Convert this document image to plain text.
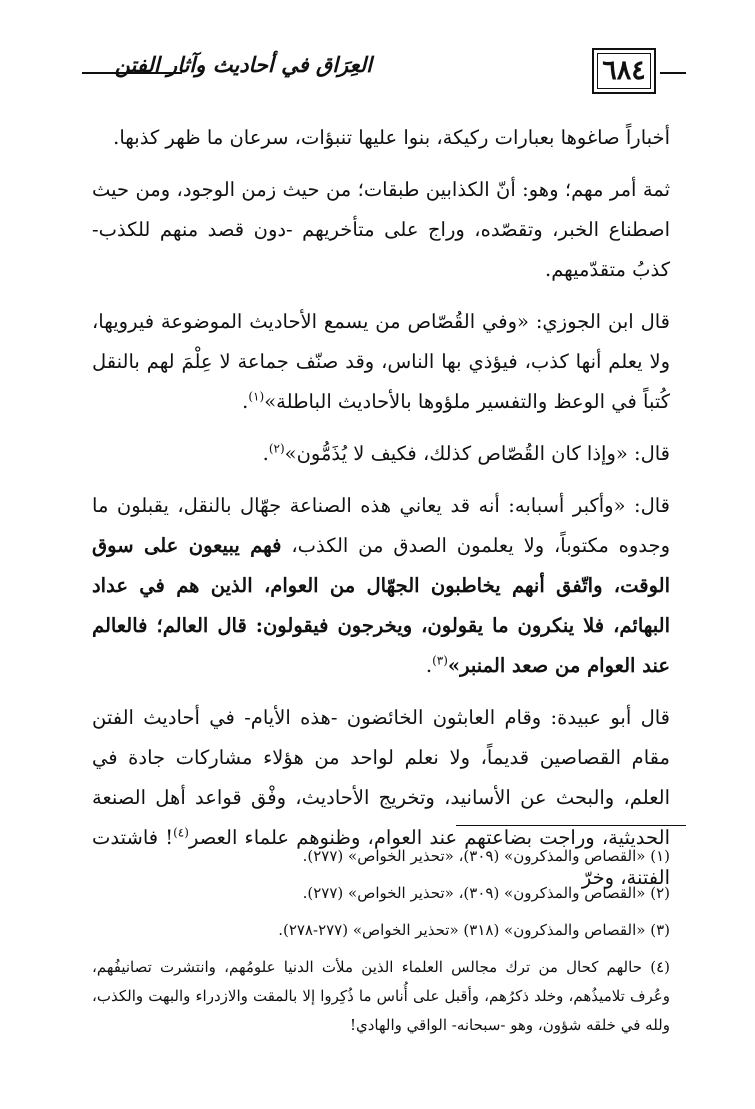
العِرَاق في أحاديث وآثار الفتن	٦٨٤

أخباراً صاغوها بعبارات ركيكة، بنوا عليها تنبؤات، سرعان ما ظهر كذبها.

ثمة أمر مهم؛ وهو: أنّ الكذابين طبقات؛ من حيث زمن الوجود، ومن حيث اصطناع الخبر، وتقصّده، وراج على متأخريهم -دون قصد منهم للكذب- كذبُ متقدّميهم.

قال ابن الجوزي: «وفي القُصّاص من يسمع الأحاديث الموضوعة فيرويها، ولا يعلم أنها كذب، فيؤذي بها الناس، وقد صنّف جماعة لا عِلْمَ لهم بالنقل كُتباً في الوعظ والتفسير ملؤوها بالأحاديث الباطلة»$^{(١)}$.

قال: «وإذا كان القُصّاص كذلك، فكيف لا يُذَمُّون»$^{(٢)}$.

قال: «وأكبر أسبابه: أنه قد يعاني هذه الصناعة جهّال بالنقل، يقبلون ما وجدوه مكتوباً، ولا يعلمون الصدق من الكذب، فهم يبيعون على سوق الوقت، واتّفق أنهم يخاطبون الجهّال من العوام، الذين هم في عداد البهائم، فلا ينكرون ما يقولون، ويخرجون فيقولون: قال العالم؛ فالعالم عند العوام من صعد المنبر»$^{(٣)}$.

قال أبو عبيدة: وقام العابثون الخائضون -هذه الأيام- في أحاديث الفتن مقام القصاصين قديماً، ولا نعلم لواحد من هؤلاء مشاركات جادة في العلم، والبحث عن الأسانيد، وتخريج الأحاديث، وفْق قواعد أهل الصنعة الحديثية، وراجت بضاعتهم عند العوام، وظنوهم علماء العصر$^{(٤)}$! فاشتدت الفتنة، وخرّ

(١) «القصاص والمذكرون» (٣٠٩)، «تحذير الخواص» (٢٧٧).

(٢) «القصاص والمذكرون» (٣٠٩)، «تحذير الخواص» (٢٧٧).

(٣) «القصاص والمذكرون» (٣١٨) «تحذير الخواص» (٢٧٧-٢٧٨).

(٤) حالهم كحال من ترك مجالس العلماء الذين ملأت الدنيا علومُهم، وانتشرت تصانيفُهم، وعُرف تلاميذُهم، وخلد ذكرُهم، وأقبل على أُناس ما ذُكِروا إلا بالمقت والازدراء والبهت والكذب، ولله في خلقه شؤون، وهو -سبحانه- الواقي والهادي!
